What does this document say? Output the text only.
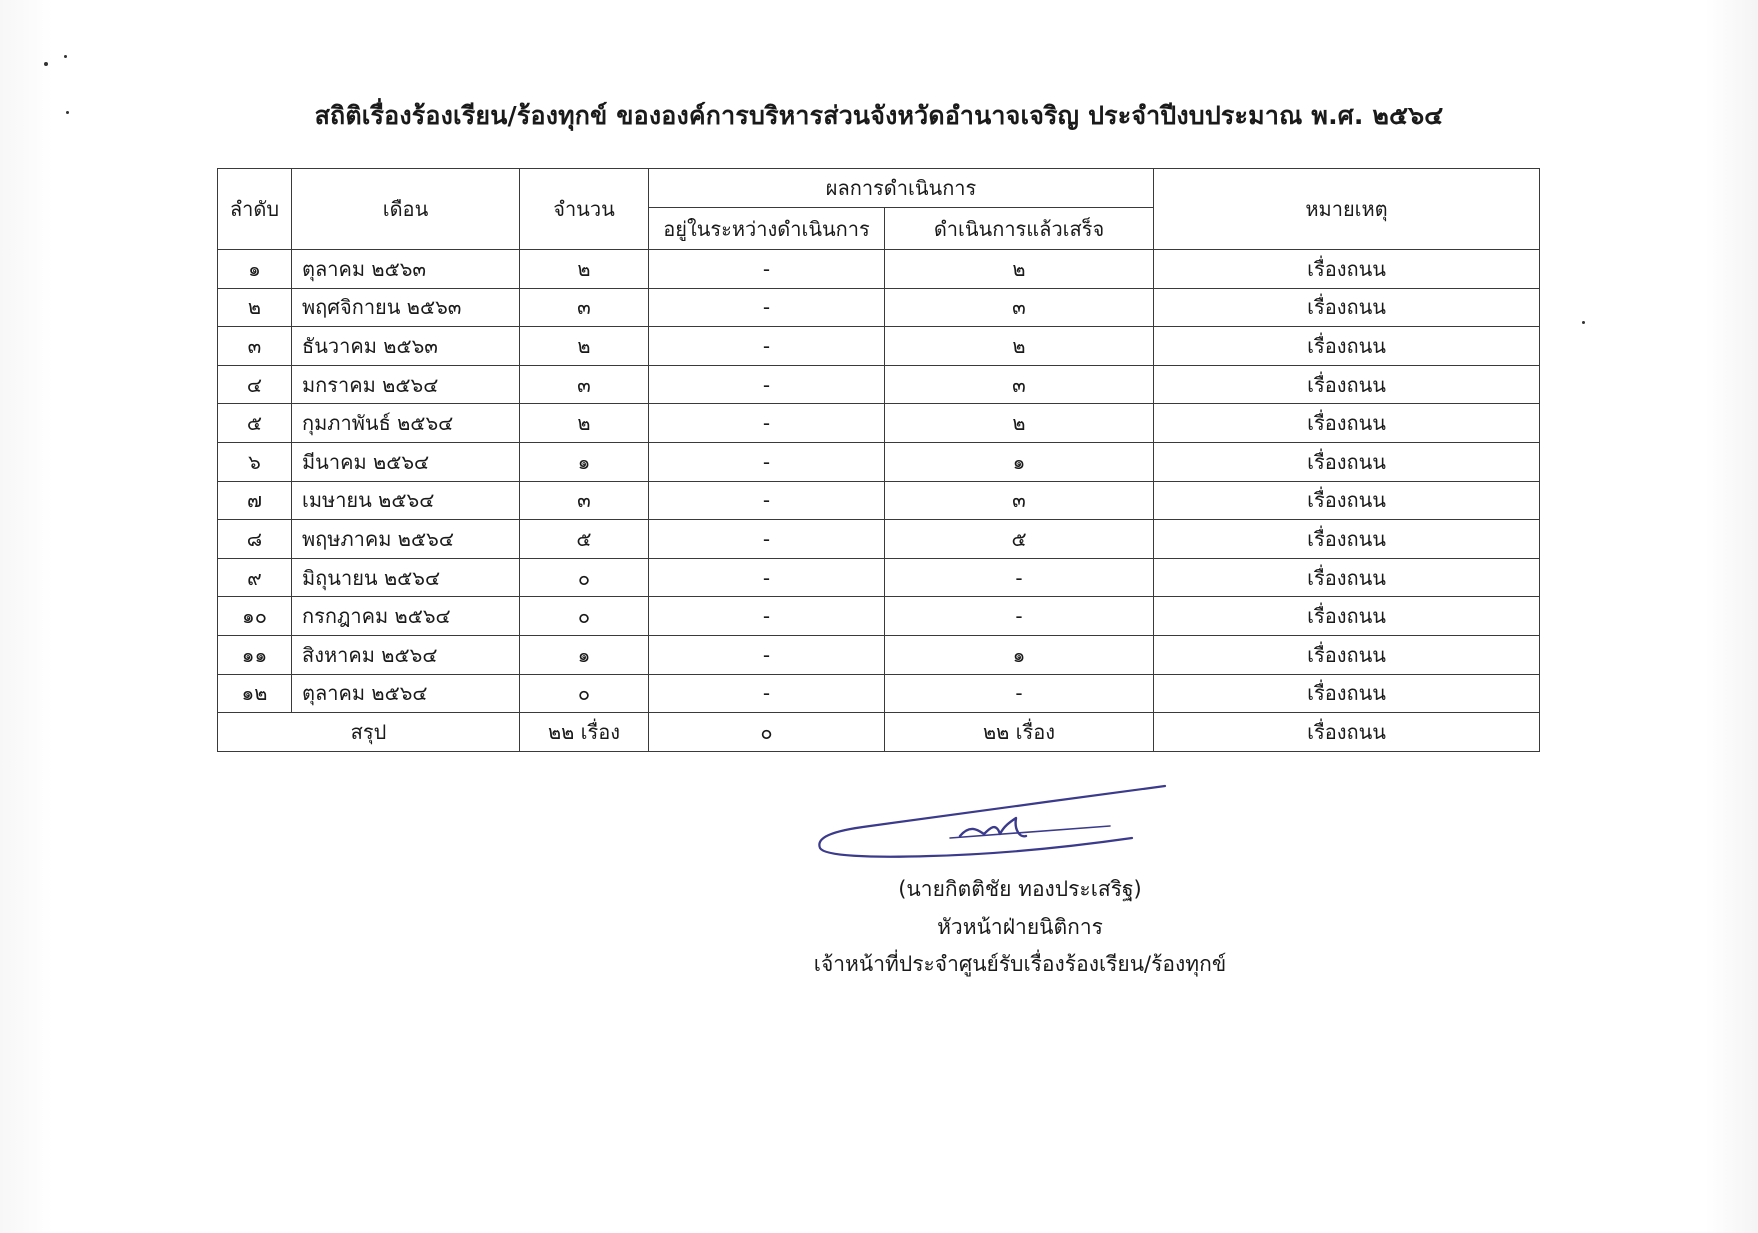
สถิติเรื่องร้องเรียน/ร้องทุกข์ ขององค์การบริหารส่วนจังหวัดอำนาจเจริญ ประจำปีงบประมาณ พ.ศ. ๒๕๖๔
ลำดับ	เดือน	จำนวน	ผลการดำเนินการ		หมายเหตุ
			อยู่ในระหว่างดำเนินการ	ดำเนินการแล้วเสร็จ	
๑	ตุลาคม ๒๕๖๓	๒	-	๒	เรื่องถนน
๒	พฤศจิกายน ๒๕๖๓	๓	-	๓	เรื่องถนน
๓	ธันวาคม ๒๕๖๓	๒	-	๒	เรื่องถนน
๔	มกราคม ๒๕๖๔	๓	-	๓	เรื่องถนน
๕	กุมภาพันธ์ ๒๕๖๔	๒	-	๒	เรื่องถนน
๖	มีนาคม ๒๕๖๔	๑	-	๑	เรื่องถนน
๗	เมษายน ๒๕๖๔	๓	-	๓	เรื่องถนน
๘	พฤษภาคม ๒๕๖๔	๕	-	๕	เรื่องถนน
๙	มิถุนายน ๒๕๖๔	๐	-	-	เรื่องถนน
๑๐	กรกฎาคม ๒๕๖๔	๐	-	-	เรื่องถนน
๑๑	สิงหาคม ๒๕๖๔	๑	-	๑	เรื่องถนน
๑๒	ตุลาคม ๒๕๖๔	๐	-	-	เรื่องถนน
สรุป		๒๒ เรื่อง	๐	๒๒ เรื่อง	เรื่องถนน
(นายกิตติชัย ทองประเสริฐ)
หัวหน้าฝ่ายนิติการ
เจ้าหน้าที่ประจำศูนย์รับเรื่องร้องเรียน/ร้องทุกข์
